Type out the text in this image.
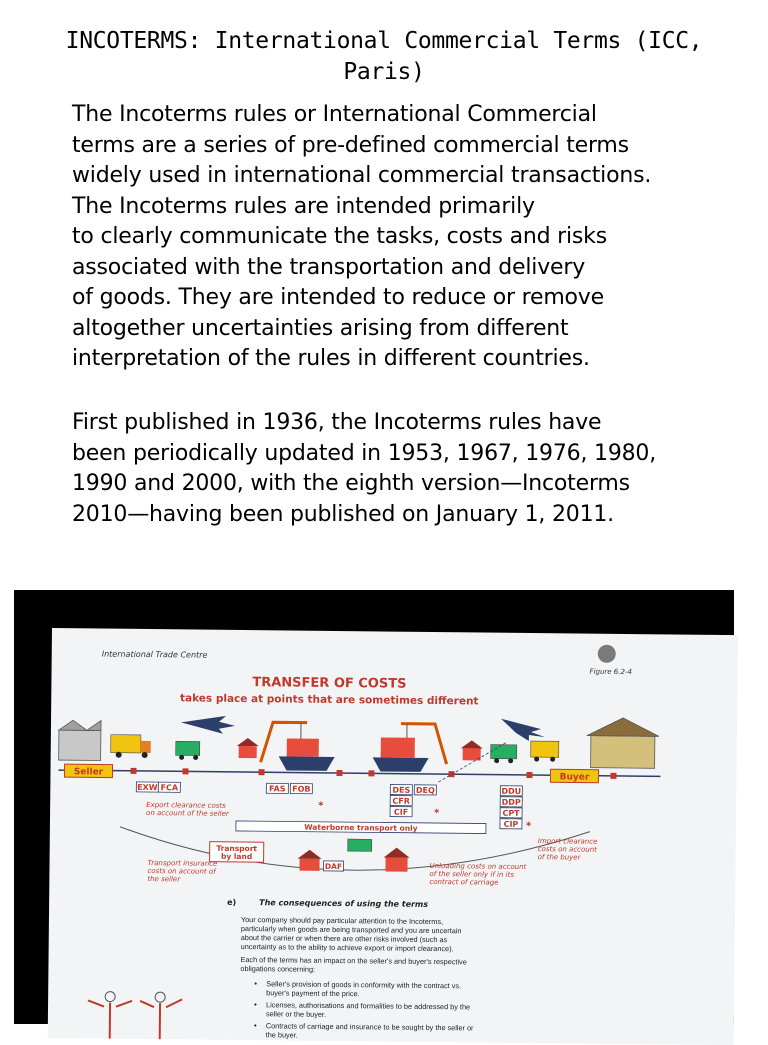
INCOTERMS: International Commercial Terms (ICC,
Paris)
The Incoterms rules or International Commercial
terms are a series of pre-defined commercial terms
widely used in international commercial transactions.
The Incoterms rules are intended primarily
to clearly communicate the tasks, costs and risks
associated with the transportation and delivery
of goods. They are intended to reduce or remove
altogether uncertainties arising from different
interpretation of the rules in different countries.
First published in 1936, the Incoterms rules have
been periodically updated in 1953, 1967, 1976, 1980,
1990 and 2000, with the eighth version—Incoterms
2010—having been published on January 1, 2011.
International Trade Centre
Figure 6.2-4
TRANSFER OF COSTS
takes place at points that are sometimes different
Seller	Buyer
EXW FCA	FAS FOB	DES DEQ
CFR
CIF
DDU
DDP
CPT
CIP
Export clearance costs
on account of the seller
*
*
*
Waterborne transport only
Transport
by land
DAF
Transport insurance
costs on account of
the seller
Unloading costs on account
of the seller only if in its
contract of carriage
Import clearance
costs on account
of the buyer
e)	The consequences of using the terms
Your company should pay particular attention to the Incoterms,
particularly when goods are being transported and you are uncertain
about the carrier or when there are other risks involved (such as
uncertainty as to the ability to achieve export or import clearance).
Each of the terms has an impact on the seller's and buyer's respective
obligations concerning:
• Seller's provision of goods in conformity with the contract vs.
buyer's payment of the price.
• Licenses, authorisations and formalities to be addressed by the
seller or the buyer.
• Contracts of carriage and insurance to be sought by the seller or
the buyer.
